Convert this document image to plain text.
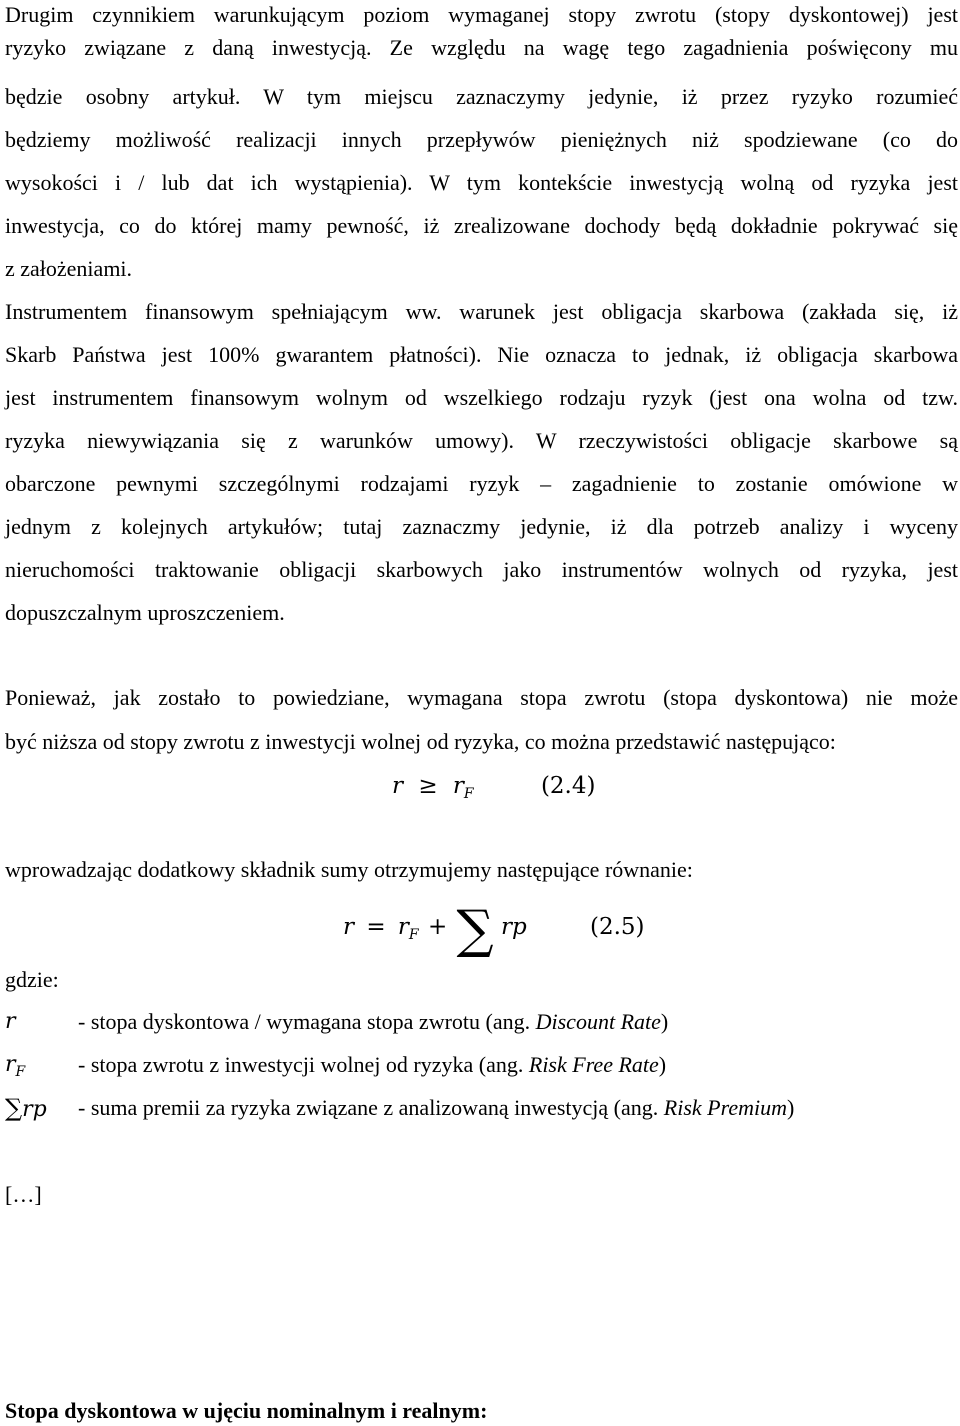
Drugim czynnikiem warunkującym poziom wymaganej stopy zwrotu (stopy dyskontowej) jest

ryzyko związane z daną inwestycją. Ze względu na wagę tego zagadnienia poświęcony mu

będzie osobny artykuł. W tym miejscu zaznaczymy jedynie, iż przez ryzyko rozumieć

będziemy możliwość realizacji innych przepływów pieniężnych niż spodziewane (co do

wysokości i / lub dat ich wystąpienia). W tym kontekście inwestycją wolną od ryzyka jest

inwestycja, co do której mamy pewność, iż zrealizowane dochody będą dokładnie pokrywać się

z założeniami.

Instrumentem finansowym spełniającym ww. warunek jest obligacja skarbowa (zakłada się, iż

Skarb Państwa jest 100% gwarantem płatności). Nie oznacza to jednak, iż obligacja skarbowa

jest instrumentem finansowym wolnym od wszelkiego rodzaju ryzyk (jest ona wolna od tzw.

ryzyka niewywiązania się z warunków umowy). W rzeczywistości obligacje skarbowe są

obarczone pewnymi szczególnymi rodzajami ryzyk – zagadnienie to zostanie omówione w

jednym z kolejnych artykułów; tutaj zaznaczmy jedynie, iż dla potrzeb analizy i wyceny

nieruchomości traktowanie obligacji skarbowych jako instrumentów wolnych od ryzyka, jest

dopuszczalnym uproszczeniem.

Ponieważ, jak zostało to powiedziane, wymagana stopa zwrotu (stopa dyskontowa) nie może

być niższa od stopy zwrotu z inwestycji wolnej od ryzyka, co można przedstawić następująco:

$r \ge r_F$	(2.4)

wprowadzając dodatkowy składnik sumy otrzymujemy następujące równanie:

$r = r_F$ + ∑ rp	(2.5)

gdzie:

r	- stopa dyskontowa / wymagana stopa zwrotu (ang. Discount Rate)
$r_F$ - stopa zwrotu z inwestycji wolnej od ryzyka (ang. Risk Free Rate)
∑rp - suma premii za ryzyka związane z analizowaną inwestycją (ang. Risk Premium)

[…]

Stopa dyskontowa w ujęciu nominalnym i realnym:
